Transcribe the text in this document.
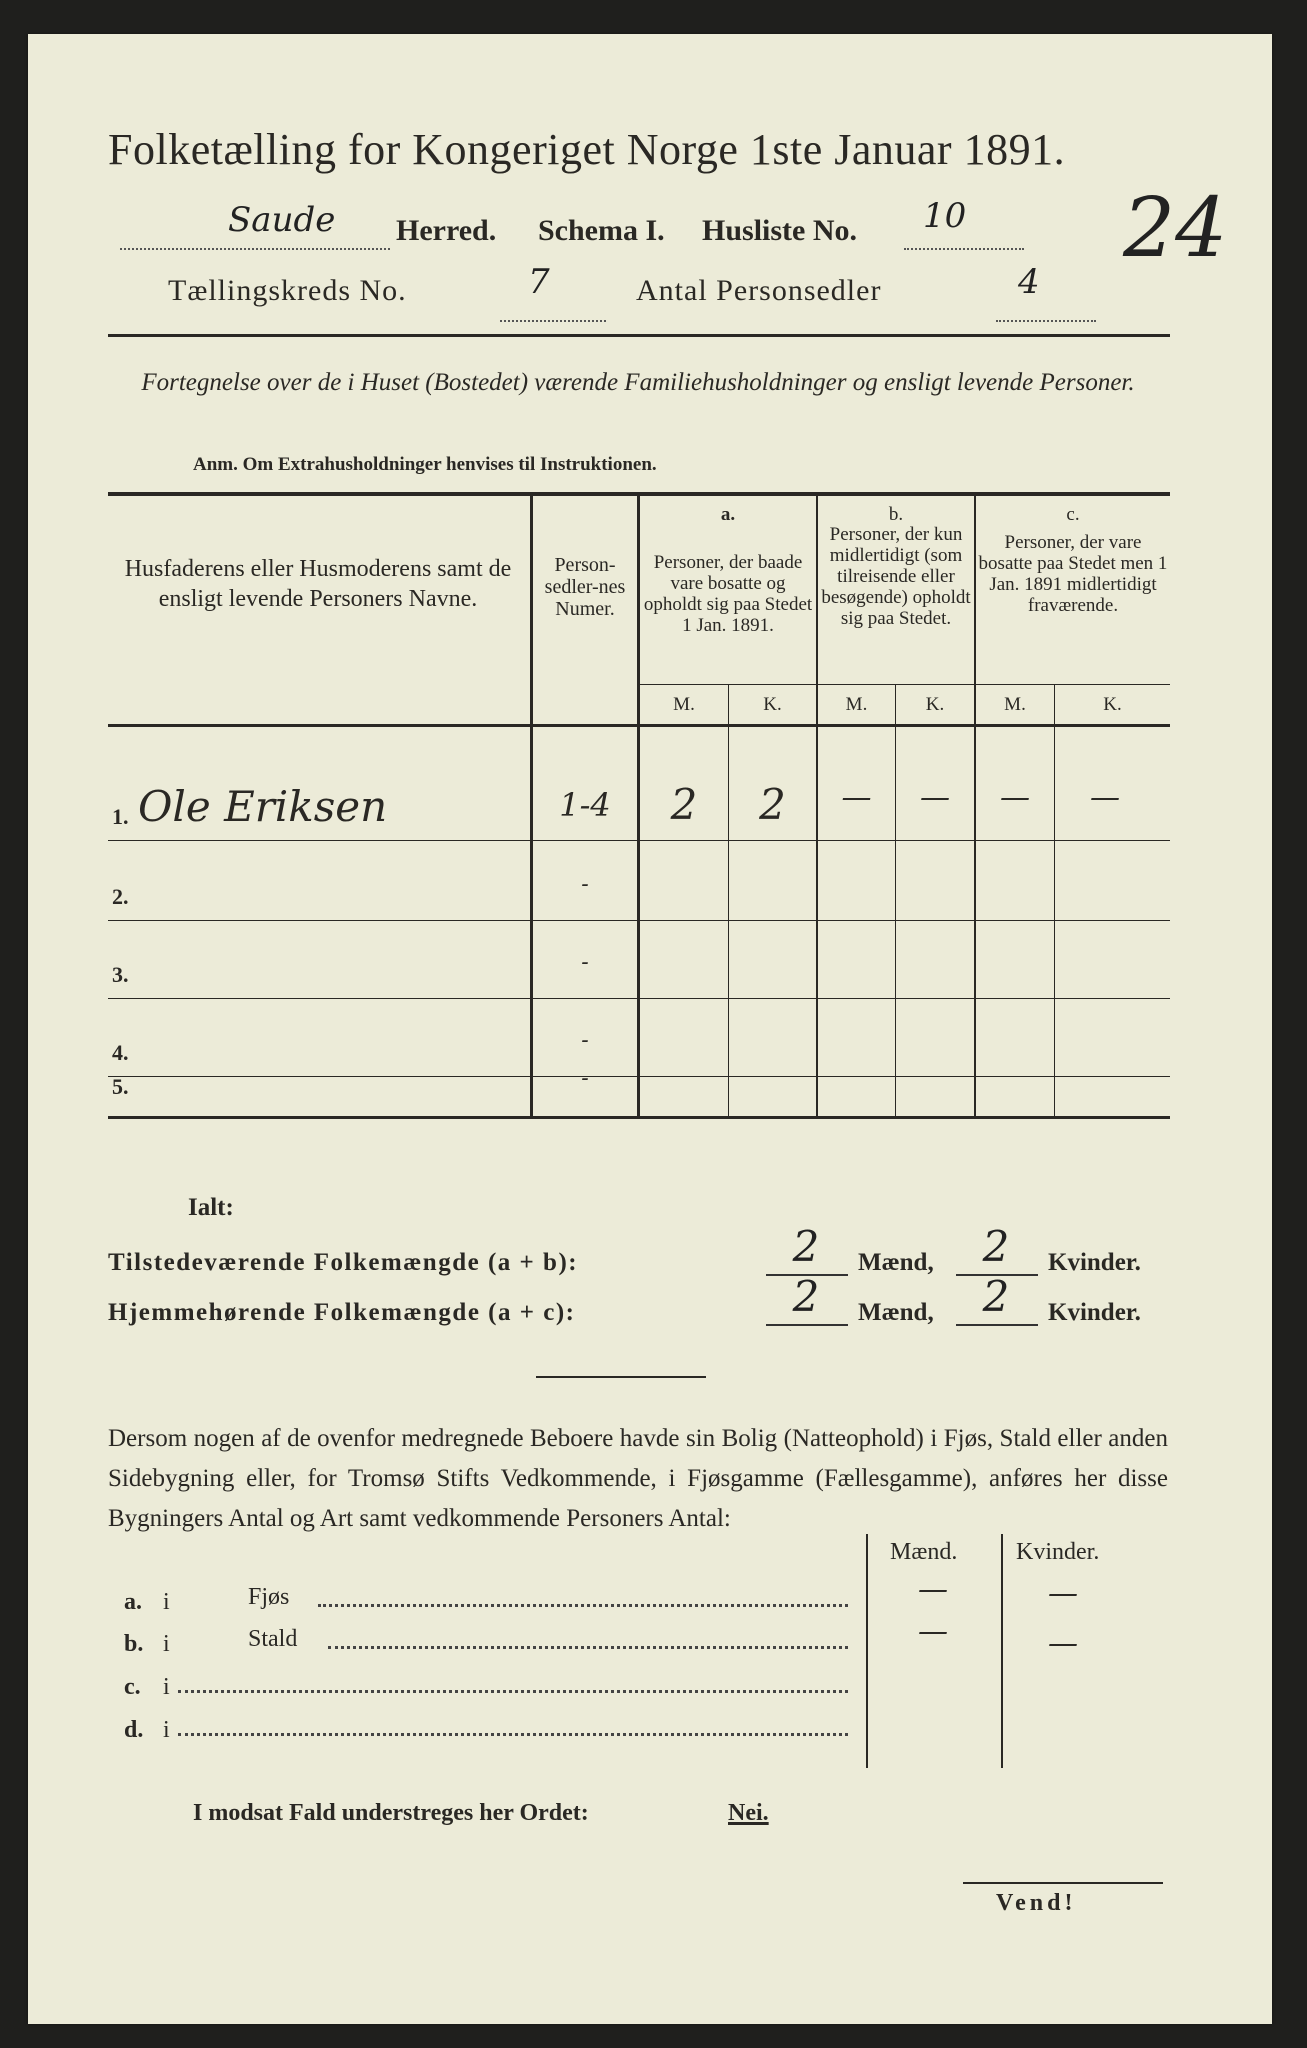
Folketælling for Kongeriget Norge 1ste Januar 1891.
Saude Herred. Schema I. Husliste No. 10 24
Tællingskreds No.	7	Antal Personsedler	4
Fortegnelse over de i Huset (Bostedet) værende Familiehusholdninger og ensligt levende Personer.
Anm. Om Extrahusholdninger henvises til Instruktionen.
Husfaderens eller Husmoderens samt de ensligt levende Personers Navne.
Person-sedler-nes Numer.
a.
Personer, der baade vare bosatte og opholdt sig paa Stedet 1 Jan. 1891.
b.
Personer, der kun midlertidigt (som tilreisende eller besøgende) opholdt sig paa Stedet.
c.
Personer, der vare bosatte paa Stedet men 1 Jan. 1891 midlertidigt fraværende.
M.	K.	M.	K.	M.	K.
1. Ole Eriksen	1-4	2	2	—	—	—	—
2.	-
3.	-
4.	-
5.	-
Ialt:
Tilstedeværende Folkemængde (a + b):	2	Mænd,	2	Kvinder.
Hjemmehørende Folkemængde (a + c):	2	Mænd,	2	Kvinder.
Dersom nogen af de ovenfor medregnede Beboere havde sin Bolig (Natteophold) i Fjøs, Stald eller anden Sidebygning eller, for Tromsø Stifts Vedkommende, i Fjøsgamme (Fællesgamme), anføres her disse Bygningers Antal og Art samt vedkommende Personers Antal:
Mænd. Kvinder.
a. i	Fjøs	—	—
b. i	Stald	—	—
c. i
d. i
I modsat Fald understreges her Ordet:	Nei.
Vend!
